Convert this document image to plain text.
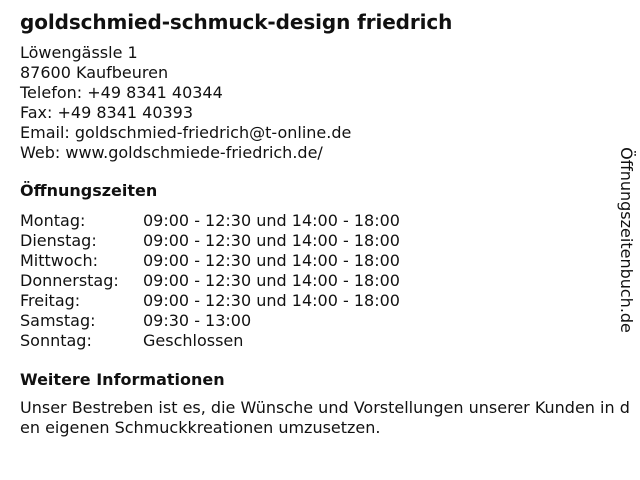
goldschmied-schmuck-design friedrich
Löwengässle 1
87600 Kaufbeuren
Telefon: +49 8341 40344
Fax: +49 8341 40393
Email: goldschmied-friedrich@t-online.de
Web: www.goldschmiede-friedrich.de/
Öffnungszeiten
Montag:	09:00 - 12:30 und 14:00 - 18:00
Dienstag:	09:00 - 12:30 und 14:00 - 18:00
Mittwoch:	09:00 - 12:30 und 14:00 - 18:00
Donnerstag:	09:00 - 12:30 und 14:00 - 18:00
Freitag:	09:00 - 12:30 und 14:00 - 18:00
Samstag:	09:30 - 13:00
Sonntag:	Geschlossen
Weitere Informationen
Unser Bestreben ist es, die Wünsche und Vorstellungen unserer Kunden in den eigenen Schmuckkreationen umzusetzen.
Öffnungszeitenbuch.de
